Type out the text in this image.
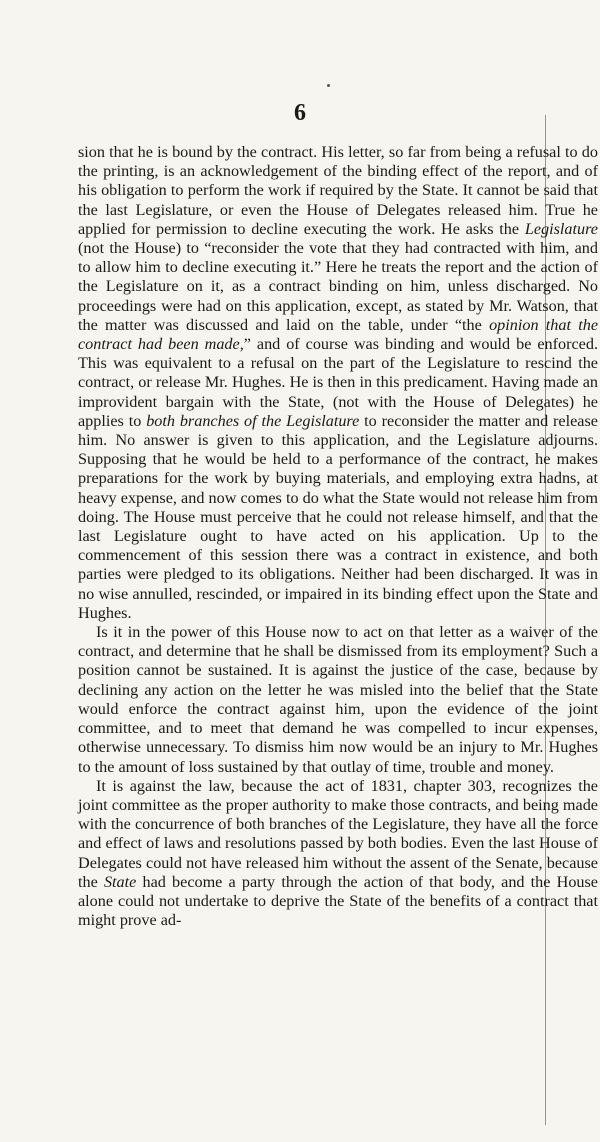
6

sion that he is bound by the contract. His letter, so far from being a refusal to do the printing, is an acknowledgement of the binding effect of the report, and of his obligation to perform the work if required by the State. It cannot be said that the last Legislature, or even the House of Delegates released him. True he applied for permission to decline executing the work. He asks the Legislature (not the House) to “reconsider the vote that they had contracted with him, and to allow him to decline executing it.” Here he treats the report and the action of the Legislature on it, as a contract binding on him, unless discharged. No proceedings were had on this application, except, as stated by Mr. Watson, that the matter was discussed and laid on the table, under “the opinion that the contract had been made,” and of course was binding and would be enforced. This was equivalent to a refusal on the part of the Legislature to rescind the contract, or release Mr. Hughes. He is then in this predicament. Having made an improvident bargain with the State, (not with the House of Delegates) he applies to both branches of the Legislature to reconsider the matter and release him. No answer is given to this application, and the Legislature adjourns. Supposing that he would be held to a performance of the contract, he makes preparations for the work by buying materials, and employing extra hadns, at heavy expense, and now comes to do what the State would not release him from doing. The House must perceive that he could not release himself, and that the last Legislature ought to have acted on his application. Up to the commencement of this session there was a contract in existence, and both parties were pledged to its obligations. Neither had been discharged. It was in no wise annulled, rescinded, or impaired in its binding effect upon the State and Hughes.

Is it in the power of this House now to act on that letter as a waiver of the contract, and determine that he shall be dismissed from its employment? Such a position cannot be sustained. It is against the justice of the case, because by declining any action on the letter he was misled into the belief that the State would enforce the contract against him, upon the evidence of the joint committee, and to meet that demand he was compelled to incur expenses, otherwise unnecessary. To dismiss him now would be an injury to Mr. Hughes to the amount of loss sustained by that outlay of time, trouble and money.

It is against the law, because the act of 1831, chapter 303, recognizes the joint committee as the proper authority to make those contracts, and being made with the concurrence of both branches of the Legislature, they have all the force and effect of laws and resolutions passed by both bodies. Even the last House of Delegates could not have released him without the assent of the Senate, because the State had become a party through the action of that body, and the House alone could not undertake to deprive the State of the benefits of a contract that might prove ad-
